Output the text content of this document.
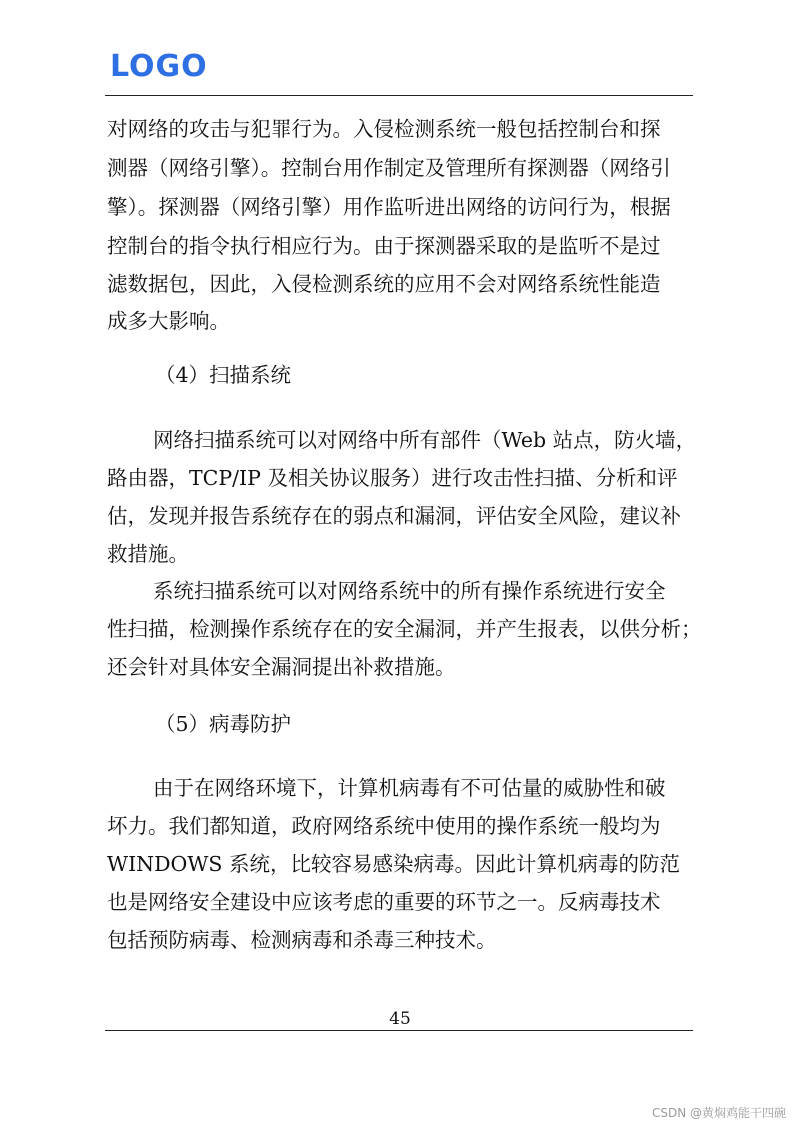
LOGO
对网络的攻击与犯罪行为。入侵检测系统一般包括控制台和探
测器（网络引擎）。控制台用作制定及管理所有探测器（网络引
擎）。探测器（网络引擎）用作监听进出网络的访问行为，根据
控制台的指令执行相应行为。由于探测器采取的是监听不是过
滤数据包，因此，入侵检测系统的应用不会对网络系统性能造
成多大影响。
（4）扫描系统
网络扫描系统可以对网络中所有部件（Web 站点，防火墙，
路由器，TCP/IP 及相关协议服务）进行攻击性扫描、分析和评
估，发现并报告系统存在的弱点和漏洞，评估安全风险，建议补
救措施。
系统扫描系统可以对网络系统中的所有操作系统进行安全
性扫描，检测操作系统存在的安全漏洞，并产生报表，以供分析；
还会针对具体安全漏洞提出补救措施。
（5）病毒防护
由于在网络环境下，计算机病毒有不可估量的威胁性和破
坏力。我们都知道，政府网络系统中使用的操作系统一般均为
WINDOWS 系统，比较容易感染病毒。因此计算机病毒的防范
也是网络安全建设中应该考虑的重要的环节之一。反病毒技术
包括预防病毒、检测病毒和杀毒三种技术。
45
CSDN @黄焖鸡能干四碗
